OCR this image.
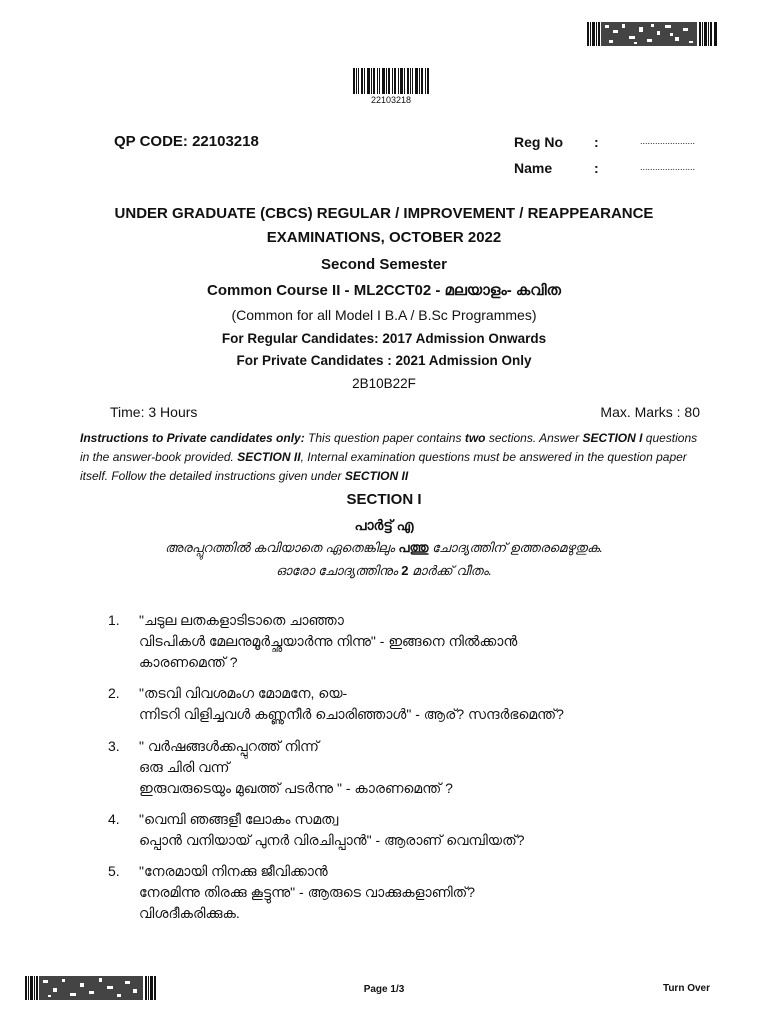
22103218
QP CODE: 22103218	Reg No :	......................
Name	:	......................
UNDER GRADUATE (CBCS) REGULAR / IMPROVEMENT / REAPPEARANCE
EXAMINATIONS, OCTOBER 2022
Second Semester
Common Course II - ML2CCT02 - മലയാളം- കവിത
(Common for all Model I B.A / B.Sc Programmes)
For Regular Candidates: 2017 Admission Onwards
For Private Candidates : 2021 Admission Only
2B10B22F
Time: 3 Hours	Max. Marks : 80
Instructions to Private candidates only: This question paper contains two sections. Answer SECTION I questions in the answer-book provided. SECTION II, Internal examination questions must be answered in the question paper itself. Follow the detailed instructions given under SECTION II
SECTION I
പാർട്ട് എ
അരപ്പുറത്തിൽ കവിയാതെ ഏതെങ്കിലും പത്തു ചോദ്യത്തിന് ഉത്തരമെഴുതുക.
ഓരോ ചോദ്യത്തിനും 2 മാർക്ക് വീതം.
1.	"ചടുല ലതകളാടിടാതെ ചാഞ്ഞാ
വിടപികൾ മേലനുമൂർച്ഛയാർന്നു നിന്നു" - ഇങ്ങനെ നിൽക്കാൻ
കാരണമെന്ത് ?
2.	"തടവി വിവശമംഗ മോമനേ, യെ-
ന്നിടറി വിളിച്ചവൾ കണ്ണുനീർ ചൊരിഞ്ഞാൾ" - ആര്? സന്ദർഭമെന്ത്?
3.	" വർഷങ്ങൾക്കപ്പുറത്ത് നിന്ന്
ഒരു ചിരി വന്ന്
ഇരുവരുടെയും മുഖത്ത് പടർന്നു " - കാരണമെന്ത് ?
4.	"വെമ്പി ഞങ്ങളീ ലോകം സമത്വ
പ്പൊൻ വനിയായ് പുനർ വിരചിപ്പാൻ" - ആരാണ് വെമ്പിയത്?
5.	"നേരമായി നിനക്കു ജീവിക്കാൻ
നേരമിന്നു തിരക്കു കൂട്ടുന്നു" - ആരുടെ വാക്കുകളാണിത്?
വിശദീകരിക്കുക.
Page 1/3	Turn Over
